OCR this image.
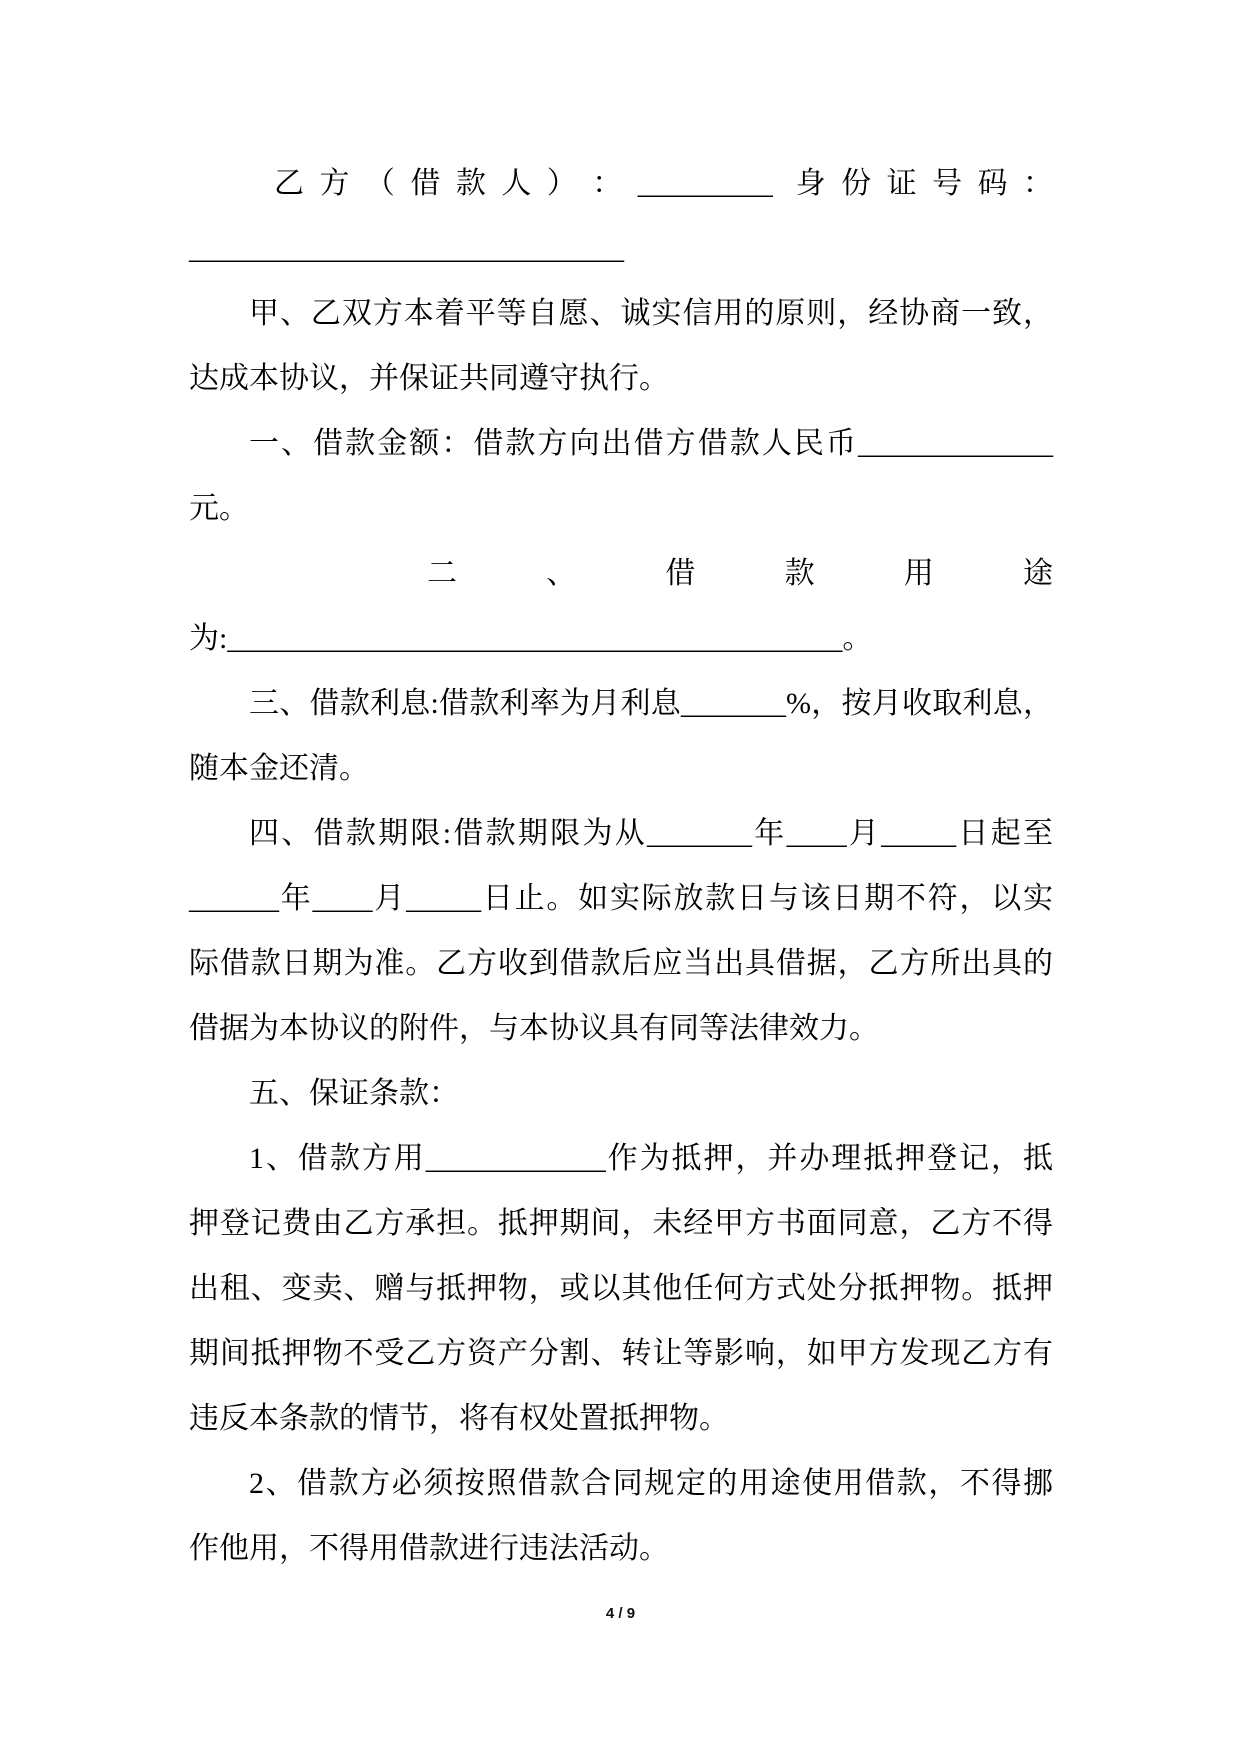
乙方（借款人）：_________ 身份证号码：
_____________________________
甲、乙双方本着平等自愿、诚实信用的原则，经协商一致，
达成本协议，并保证共同遵守执行。
一、借款金额：借款方向出借方借款人民币_____________
元。
二、借款用途
为:_________________________________________。
三、借款利息:借款利率为月利息_______%，按月收取利息，
随本金还清。
四、借款期限:借款期限为从_______年____月_____日起至
______年____月_____日止。如实际放款日与该日期不符，以实
际借款日期为准。乙方收到借款后应当出具借据，乙方所出具的
借据为本协议的附件，与本协议具有同等法律效力。
五、保证条款：
1、借款方用____________作为抵押，并办理抵押登记，抵
押登记费由乙方承担。抵押期间，未经甲方书面同意，乙方不得
出租、变卖、赠与抵押物，或以其他任何方式处分抵押物。抵押
期间抵押物不受乙方资产分割、转让等影响，如甲方发现乙方有
违反本条款的情节，将有权处置抵押物。
2、借款方必须按照借款合同规定的用途使用借款，不得挪
作他用，不得用借款进行违法活动。
4 / 9
